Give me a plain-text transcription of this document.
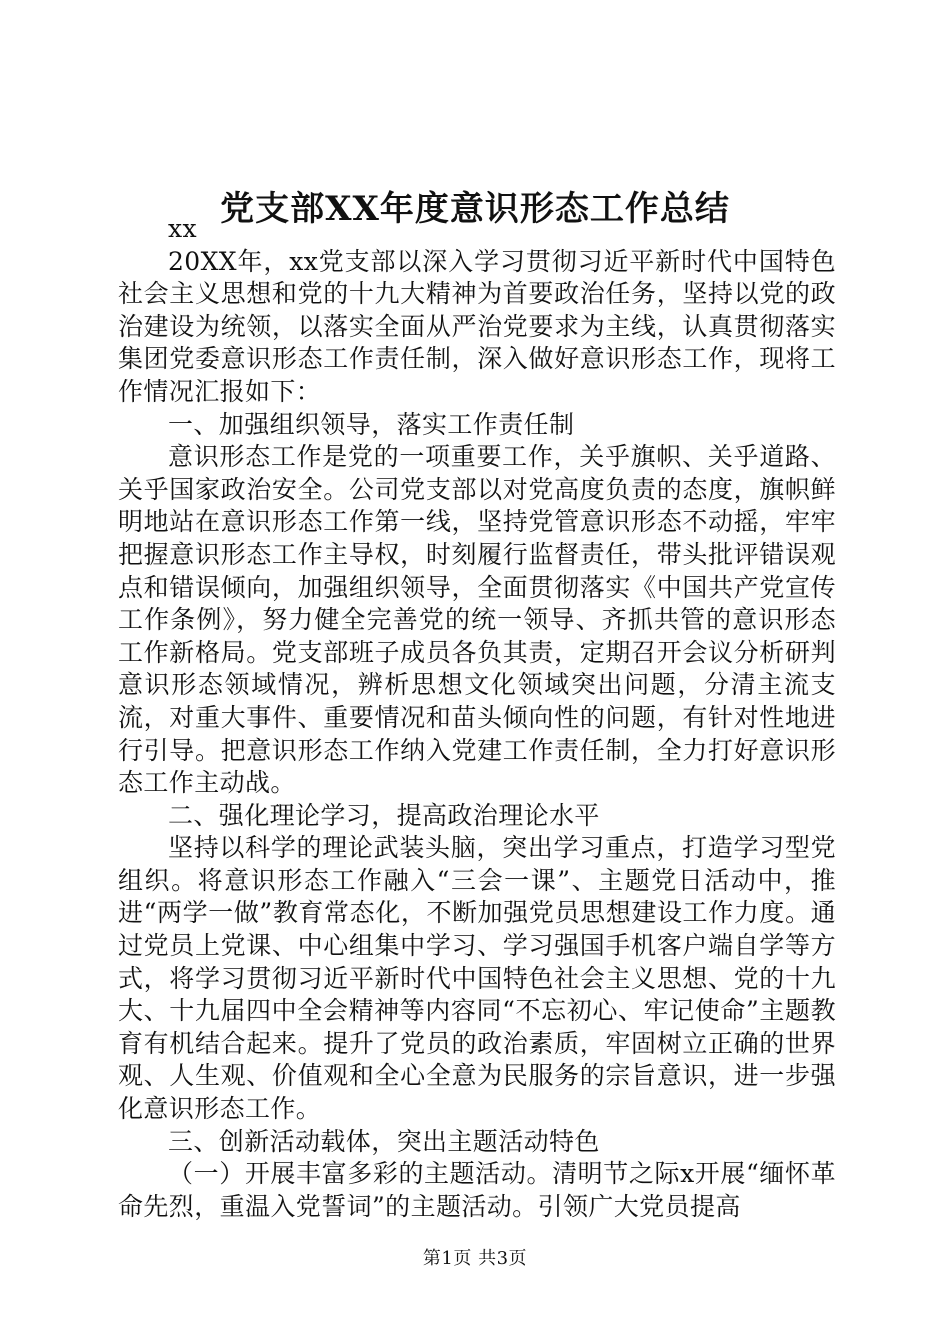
党支部XX年度意识形态工作总结

xx

20XX年，xx党支部以深入学习贯彻习近平新时代中国特色社会主义思想和党的十九大精神为首要政治任务，坚持以党的政治建设为统领，以落实全面从严治党要求为主线，认真贯彻落实集团党委意识形态工作责任制，深入做好意识形态工作，现将工作情况汇报如下：

一、加强组织领导，落实工作责任制

意识形态工作是党的一项重要工作，关乎旗帜、关乎道路、关乎国家政治安全。公司党支部以对党高度负责的态度，旗帜鲜明地站在意识形态工作第一线，坚持党管意识形态不动摇，牢牢把握意识形态工作主导权，时刻履行监督责任，带头批评错误观点和错误倾向，加强组织领导，全面贯彻落实《中国共产党宣传工作条例》，努力健全完善党的统一领导、齐抓共管的意识形态工作新格局。党支部班子成员各负其责，定期召开会议分析研判意识形态领域情况，辨析思想文化领域突出问题，分清主流支流，对重大事件、重要情况和苗头倾向性的问题，有针对性地进行引导。把意识形态工作纳入党建工作责任制，全力打好意识形态工作主动战。

二、强化理论学习，提高政治理论水平

坚持以科学的理论武装头脑，突出学习重点，打造学习型党组织。将意识形态工作融入“三会一课”、主题党日活动中，推进“两学一做”教育常态化，不断加强党员思想建设工作力度。通过党员上党课、中心组集中学习、学习强国手机客户端自学等方式，将学习贯彻习近平新时代中国特色社会主义思想、党的十九大、十九届四中全会精神等内容同“不忘初心、牢记使命”主题教育有机结合起来。提升了党员的政治素质，牢固树立正确的世界观、人生观、价值观和全心全意为民服务的宗旨意识，进一步强化意识形态工作。

三、创新活动载体，突出主题活动特色

（一）开展丰富多彩的主题活动。清明节之际x开展“缅怀革命先烈，重温入党誓词”的主题活动。引领广大党员提高

第1页 共3页
